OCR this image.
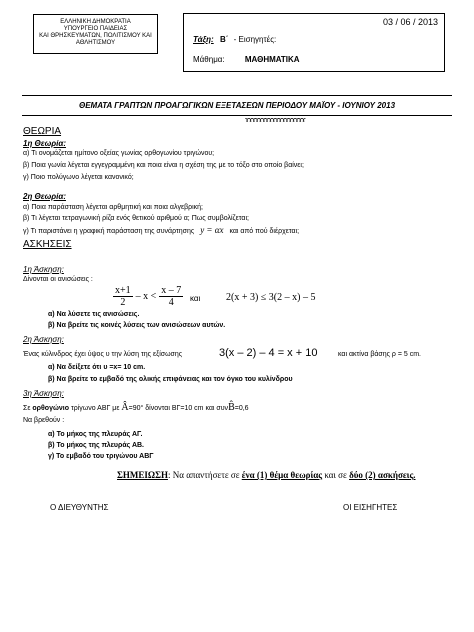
ΕΛΛΗΝΙΚΗ ΔΗΜΟΚΡΑΤΙΑ
ΥΠΟΥΡΓΕΙΟ ΠΑΙΔΕΙΑΣ
ΚΑΙ ΘΡΗΣΚΕΥΜΑΤΩΝ, ΠΟΛΙΤΙΣΜΟΥ ΚΑΙ
ΑΘΛΗΤΙΣΜΟΥ
03 / 06 / 2013
Τάξη: Β΄ - Εισηγητές:
Μάθημα:	ΜΑΘΗΜΑΤΙΚΑ
ΘΕΜΑΤΑ ΓΡΑΠΤΩΝ ΠΡΟΑΓΩΓΙΚΩΝ ΕΞΕΤΑΣΕΩΝ ΠΕΡΙΟΔΟΥ ΜΑΪΟΥ - ΙΟΥΝΙΟΥ 2013
ɤɤɤɤɤɤɤɤɤɤɤɤɤɤɤɤɤɤ
ΘΕΩΡΙΑ
1η Θεωρία:
α) Τι ονομάζεται ημίτονο οξείας γωνίας ορθογωνίου τριγώνου;
β) Ποια γωνία λέγεται εγγεγραμμένη και ποια είναι η σχέση της με το τόξο στο οποίο βαίνει;
γ) Ποιο πολύγωνο λέγεται κανονικό;
2η Θεωρία:
α) Ποια παράσταση λέγεται αρθμητική και ποια αλγεβρική;
β) Τι λέγεται τετραγωνική ρίζα ενός θετικού αριθμού α; Πως συμβολίζεται;
γ) Τι παριστάνει η γραφική παράσταση της συνάρτησης y = αx και από πού διέρχεται;
ΑΣΚΗΣΕΙΣ
1η Άσκηση:
Δίνονται οι ανισώσεις :
$\frac{x+1}{2} - x < \frac{x - 7}{4}$ και	2(x + 3) ≤ 3(2 – x) – 5
α) Να λύσετε τις ανισώσεις.
β) Να βρείτε τις κοινές λύσεις των ανισώσεων αυτών.
2η Άσκηση:
Ένας κύλινδρος έχει ύψος υ την λύση της εξίσωσης	3(x – 2) – 4 = x + 10	και ακτίνα βάσης ρ = 5 cm.
α) Να δείξετε ότι υ =x= 10 cm.
β) Να βρείτε το εμβαδό της ολικής επιφάνειας και τον όγκο του κυλίνδρου
3η Άσκηση:
Σε ορθογώνιο τρίγωνο ΑΒΓ με Â=90° δίνονται ΒΓ=10 cm και συνB̂=0,6
Να βρεθούν :
α) Το μήκος της πλευράς ΑΓ.
β) Το μήκος της πλευράς ΑΒ.
γ) Το εμβαδό του τριγώνου ΑΒΓ
ΣΗΜΕΙΩΣΗ: Να απαντήσετε σε ένα (1) θέμα θεωρίας και σε δύο (2) ασκήσεις.
Ο ΔΙΕΥΘΥΝΤΗΣ	ΟΙ ΕΙΣΗΓΗΤΕΣ
